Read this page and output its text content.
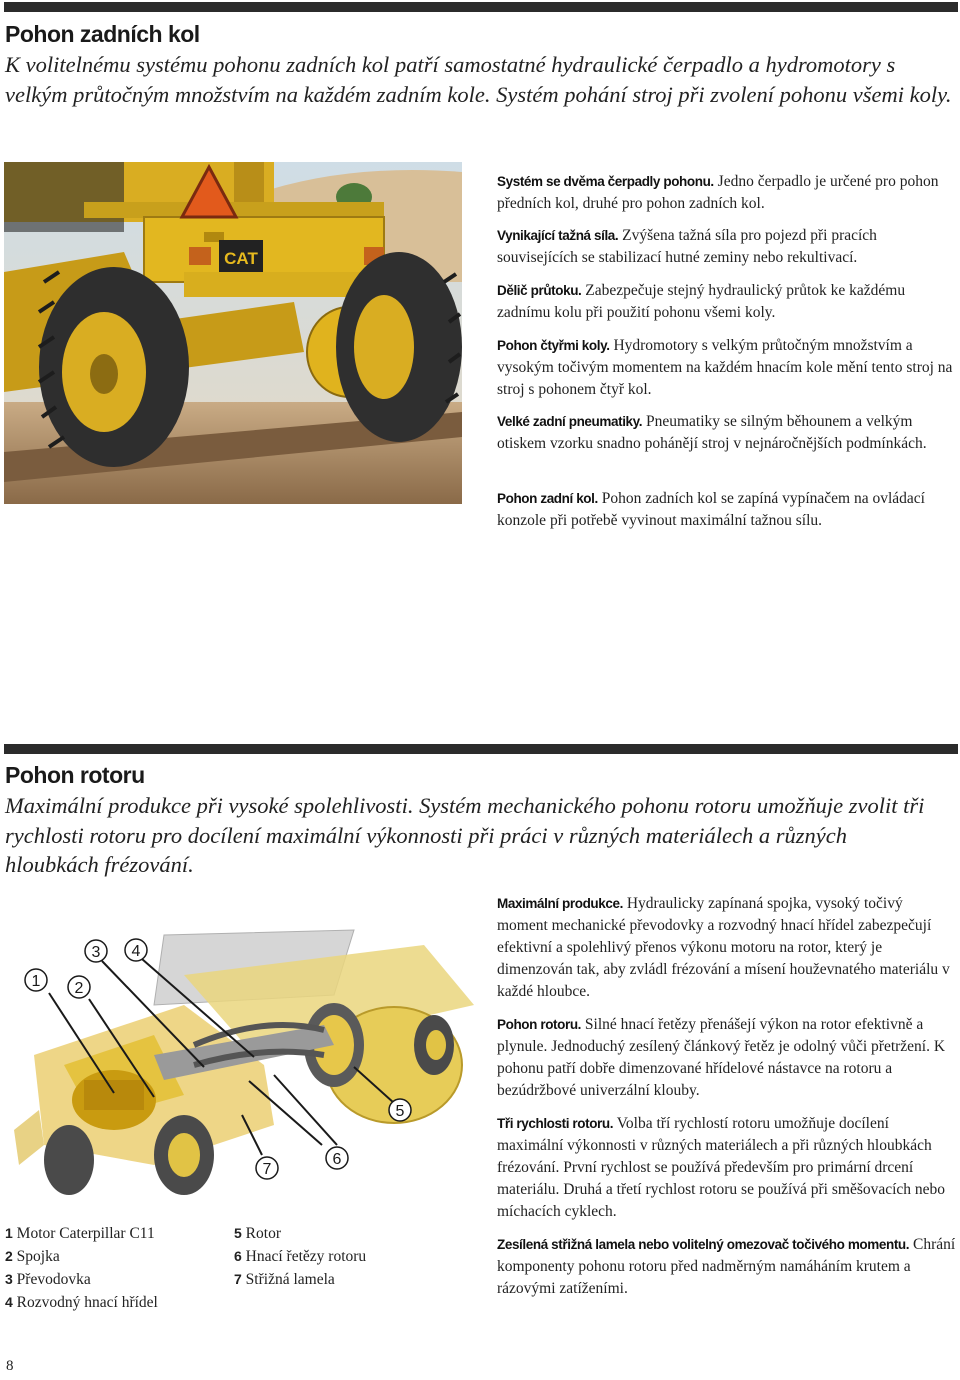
Pohon zadních kol

K volitelnému systému pohonu zadních kol patří samostatné hydraulické čerpadlo a hydromotory s velkým průtočným množstvím na každém zadním kole. Systém pohání stroj při zvolení pohonu všemi koly.

CAT

Systém se dvěma čerpadly pohonu. Jedno čerpadlo je určené pro pohon předních kol, druhé pro pohon zadních kol.

Vynikající tažná síla. Zvýšena tažná síla pro pojezd při pracích souvisejících se stabilizací hutné zeminy nebo rekultivací.

Dělič průtoku. Zabezpečuje stejný hydraulický průtok ke každému zadnímu kolu při použití pohonu všemi koly.

Pohon čtyřmi koly. Hydromotory s velkým průtočným množstvím a vysokým točivým momentem na každém hnacím kole mění tento stroj na stroj s pohonem čtyř kol.

Velké zadní pneumatiky. Pneumatiky se silným běhounem a velkým otiskem vzorku snadno pohánějí stroj v nejnáročnějších podmínkách.

Pohon zadní kol. Pohon zadních kol se zapíná vypínačem na ovládací konzole při potřebě vyvinout maximální tažnou sílu.

Pohon rotoru

Maximální produkce při vysoké spolehlivosti. Systém mechanického pohonu rotoru umožňuje zvolit tři rychlosti rotoru pro docílení maximální výkonnosti při práci v různých materiálech a různých hloubkách frézování.

1 2
3 4
5
6
7
1 Motor Caterpillar C11
2 Spojka
3 Převodovka
4 Rozvodný hnací hřídel
5 Rotor
6 Hnací řetězy rotoru
7 Střižná lamela

Maximální produkce. Hydraulicky zapínaná spojka, vysoký točivý moment mechanické převodovky a rozvodný hnací hřídel zabezpečují efektivní a spolehlivý přenos výkonu motoru na rotor, který je dimenzován tak, aby zvládl frézování a mísení houževnatého materiálu v každé hloubce.

Pohon rotoru. Silné hnací řetězy přenášejí výkon na rotor efektivně a plynule. Jednoduchý zesílený článkový řetěz je odolný vůči přetržení. K pohonu patří dobře dimenzované hřídelové nástavce na rotoru a bezúdržbové univerzální klouby.

Tři rychlosti rotoru. Volba tří rychlostí rotoru umožňuje docílení maximální výkonnosti v různých materiálech a při různých hloubkách frézování. První rychlost se používá především pro primární drcení materiálu. Druhá a třetí rychlost rotoru se používá při směšovacích nebo míchacích cyklech.

Zesílená střižná lamela nebo volitelný omezovač točivého momentu. Chrání komponenty pohonu rotoru před nadměrným namáháním krutem a rázovými zatíženími.

8
